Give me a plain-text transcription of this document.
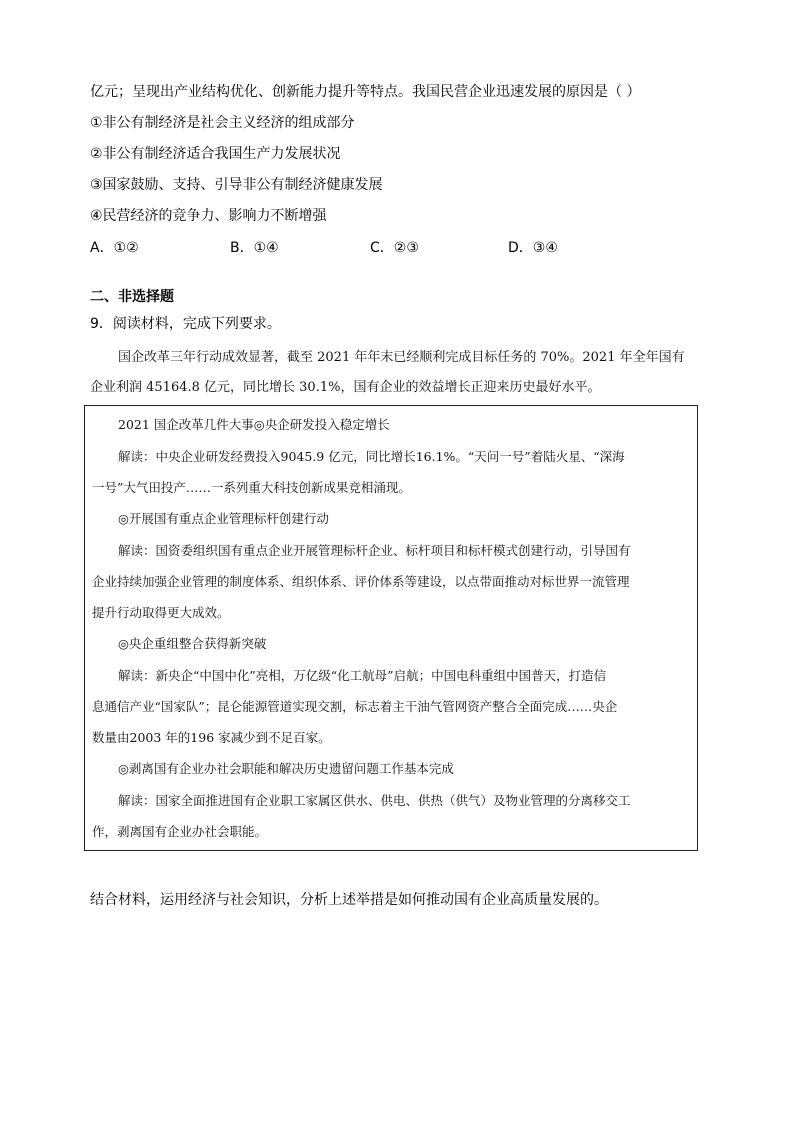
亿元；呈现出产业结构优化、创新能力提升等特点。我国民营企业迅速发展的原因是（ ）
①非公有制经济是社会主义经济的组成部分
②非公有制经济适合我国生产力发展状况
③国家鼓励、支持、引导非公有制经济健康发展
④民营经济的竞争力、影响力不断增强
A．①②	B．①④	C．②③	D．③④
二、非选择题
9．阅读材料，完成下列要求。
国企改革三年行动成效显著，截至 2021 年年末已经顺利完成目标任务的 70%。2021 年全年国有
企业利润 45164.8 亿元，同比增长 30.1%，国有企业的效益增长正迎来历史最好水平。
2021 国企改革几件大事◎央企研发投入稳定增长
解读：中央企业研发经费投入9045.9 亿元，同比增长16.1%。“天问一号”着陆火星、“深海
一号”大气田投产……一系列重大科技创新成果竞相涌现。
◎开展国有重点企业管理标杆创建行动
解读：国资委组织国有重点企业开展管理标杆企业、标杆项目和标杆模式创建行动，引导国有
企业持续加强企业管理的制度体系、组织体系、评价体系等建设，以点带面推动对标世界一流管理
提升行动取得更大成效。
◎央企重组整合获得新突破
解读：新央企“中国中化”亮相，万亿级“化工航母”启航；中国电科重组中国普天，打造信
息通信产业“国家队”；昆仑能源管道实现交割，标志着主干油气管网资产整合全面完成……央企
数量由2003 年的196 家减少到不足百家。
◎剥离国有企业办社会职能和解决历史遗留问题工作基本完成
解读：国家全面推进国有企业职工家属区供水、供电、供热（供气）及物业管理的分离移交工
作，剥离国有企业办社会职能。
结合材料，运用经济与社会知识，分析上述举措是如何推动国有企业高质量发展的。
